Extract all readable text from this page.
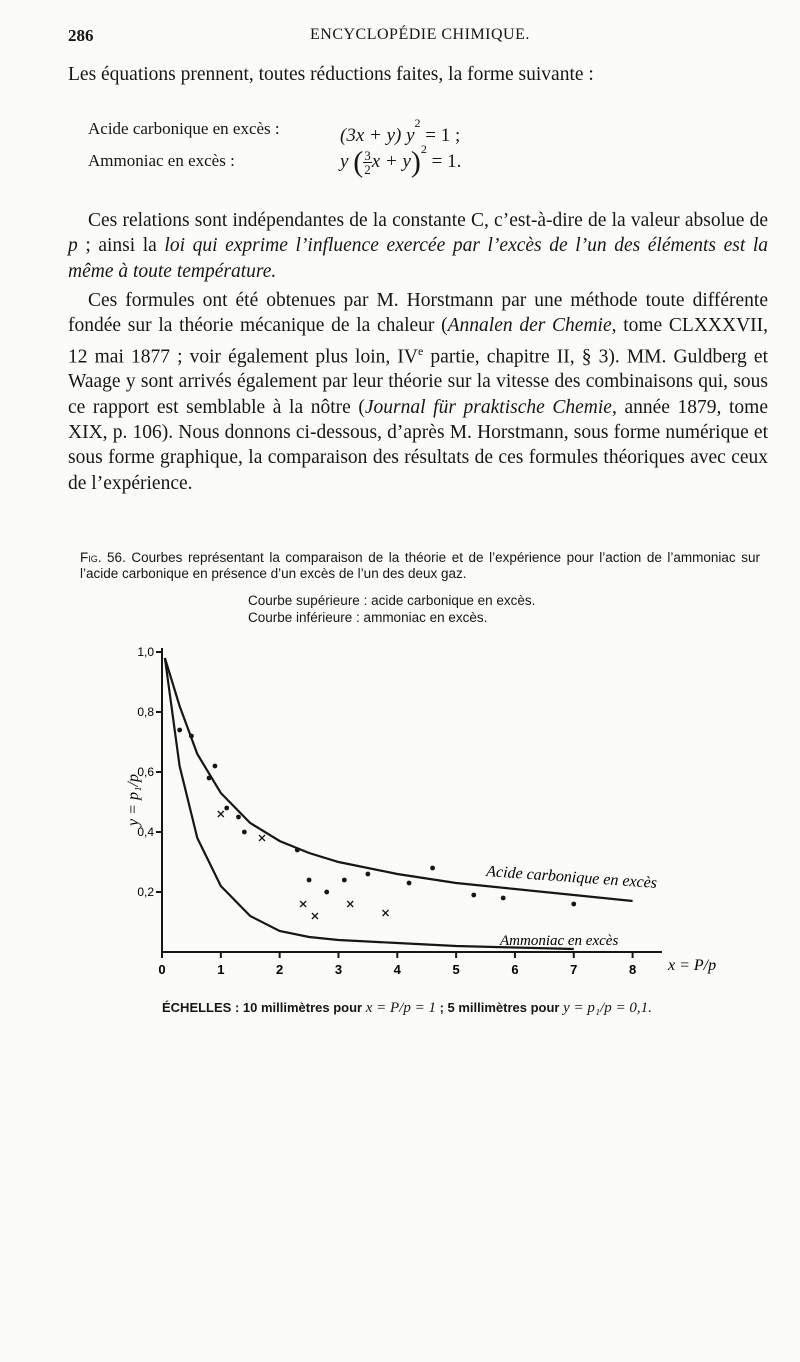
286	ENCYCLOPÉDIE CHIMIQUE.
Les équations prennent, toutes réductions faites, la forme suivante :
Acide carbonique en excès :	(3x + y) $y^2 = 1$ ;
Ammoniac en excès :	y ( $\frac{3}{2}$ x + y)$^2$ = 1.
Ces relations sont indépendantes de la constante C, c’est-à-dire de la valeur absolue de p ; ainsi la loi qui exprime l’influence exercée par l’excès de l’un des éléments est la même à toute température.
Ces formules ont été obtenues par M. Horstmann par une méthode toute différente fondée sur la théorie mécanique de la chaleur (Annalen der Chemie, tome CLXXXVII, 12 mai 1877 ; voir également plus loin, IVe partie, chapitre II, § 3). MM. Guldberg et Waage y sont arrivés également par leur théorie sur la vitesse des combinaisons qui, sous ce rapport est semblable à la nôtre (Journal für praktische Chemie, année 1879, tome XIX, p. 106). Nous donnons ci-dessous, d’après M. Horstmann, sous forme numérique et sous forme graphique, la comparaison des résultats de ces formules théoriques avec ceux de l’expérience.
Fig. 56. Courbes représentant la comparaison de la théorie et de l’expérience pour l’action de l’ammoniac sur l’acide carbonique en présence d’un excès de l’un des deux gaz.
Courbe supérieure : acide carbonique en excès.
Courbe inférieure : ammoniac en excès.
0	1	2	3	4	5	6	7	8
0,2
0,4
0,6
0,8
1,0
y = p₁/p
x = P/p
Acide carbonique en excès
Ammoniac en excès
ÉCHELLES : 10 millimètres pour x = P/p = 1 ; 5 millimètres pour y = p₁/p = 0,1.
